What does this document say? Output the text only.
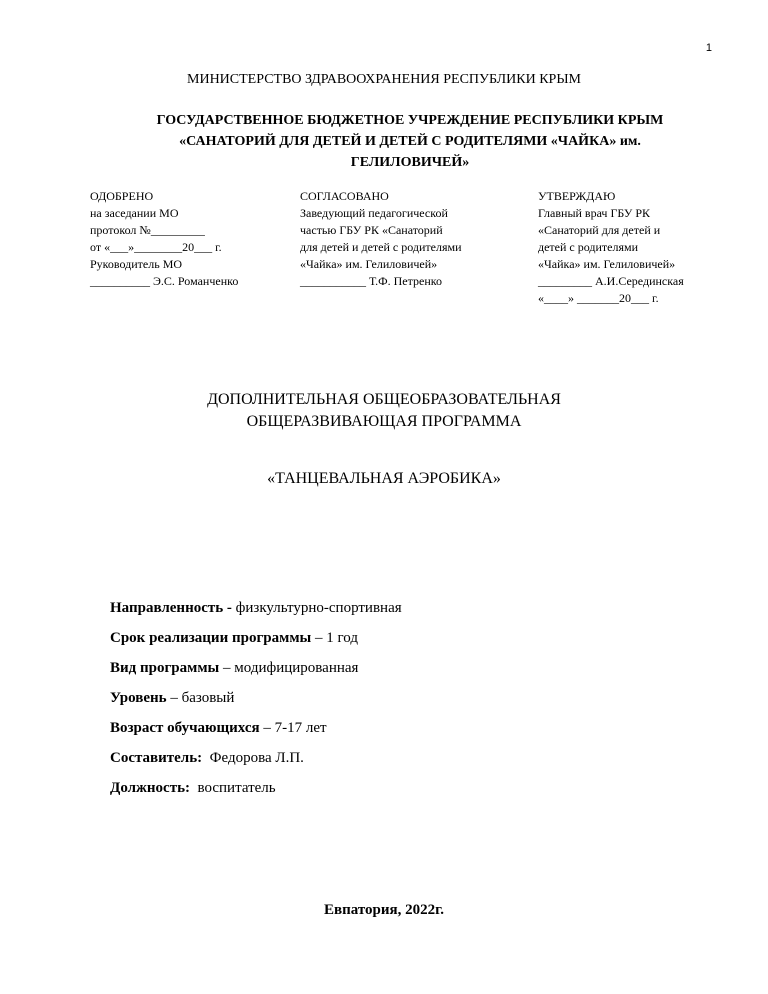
1
МИНИСТЕРСТВО ЗДРАВООХРАНЕНИЯ РЕСПУБЛИКИ КРЫМ
ГОСУДАРСТВЕННОЕ БЮДЖЕТНОЕ УЧРЕЖДЕНИЕ РЕСПУБЛИКИ КРЫМ
«САНАТОРИЙ ДЛЯ ДЕТЕЙ И ДЕТЕЙ С РОДИТЕЛЯМИ «ЧАЙКА» им.
ГЕЛИЛОВИЧЕЙ»
ОДОБРЕНО
на заседании МО
протокол №_________
от «___»________20___ г.
Руководитель МО
__________ Э.С. Романченко
СОГЛАСОВАНО
Заведующий педагогической
частью ГБУ РК «Санаторий
для детей и детей с родителями
«Чайка» им. Гелиловичей»
___________ Т.Ф. Петренко
УТВЕРЖДАЮ
Главный врач ГБУ РК
«Санаторий для детей и
детей с родителями
«Чайка» им. Гелиловичей»
_________ А.И.Серединская
«____» _______20___ г.
ДОПОЛНИТЕЛЬНАЯ ОБЩЕОБРАЗОВАТЕЛЬНАЯ
ОБЩЕРАЗВИВАЮЩАЯ ПРОГРАММА
«ТАНЦЕВАЛЬНАЯ АЭРОБИКА»
Направленность - физкультурно-спортивная
Срок реализации программы – 1 год
Вид программы – модифицированная
Уровень – базовый
Возраст обучающихся – 7-17 лет
Составитель:  Федорова Л.П.
Должность:  воспитатель
Евпатория, 2022г.
